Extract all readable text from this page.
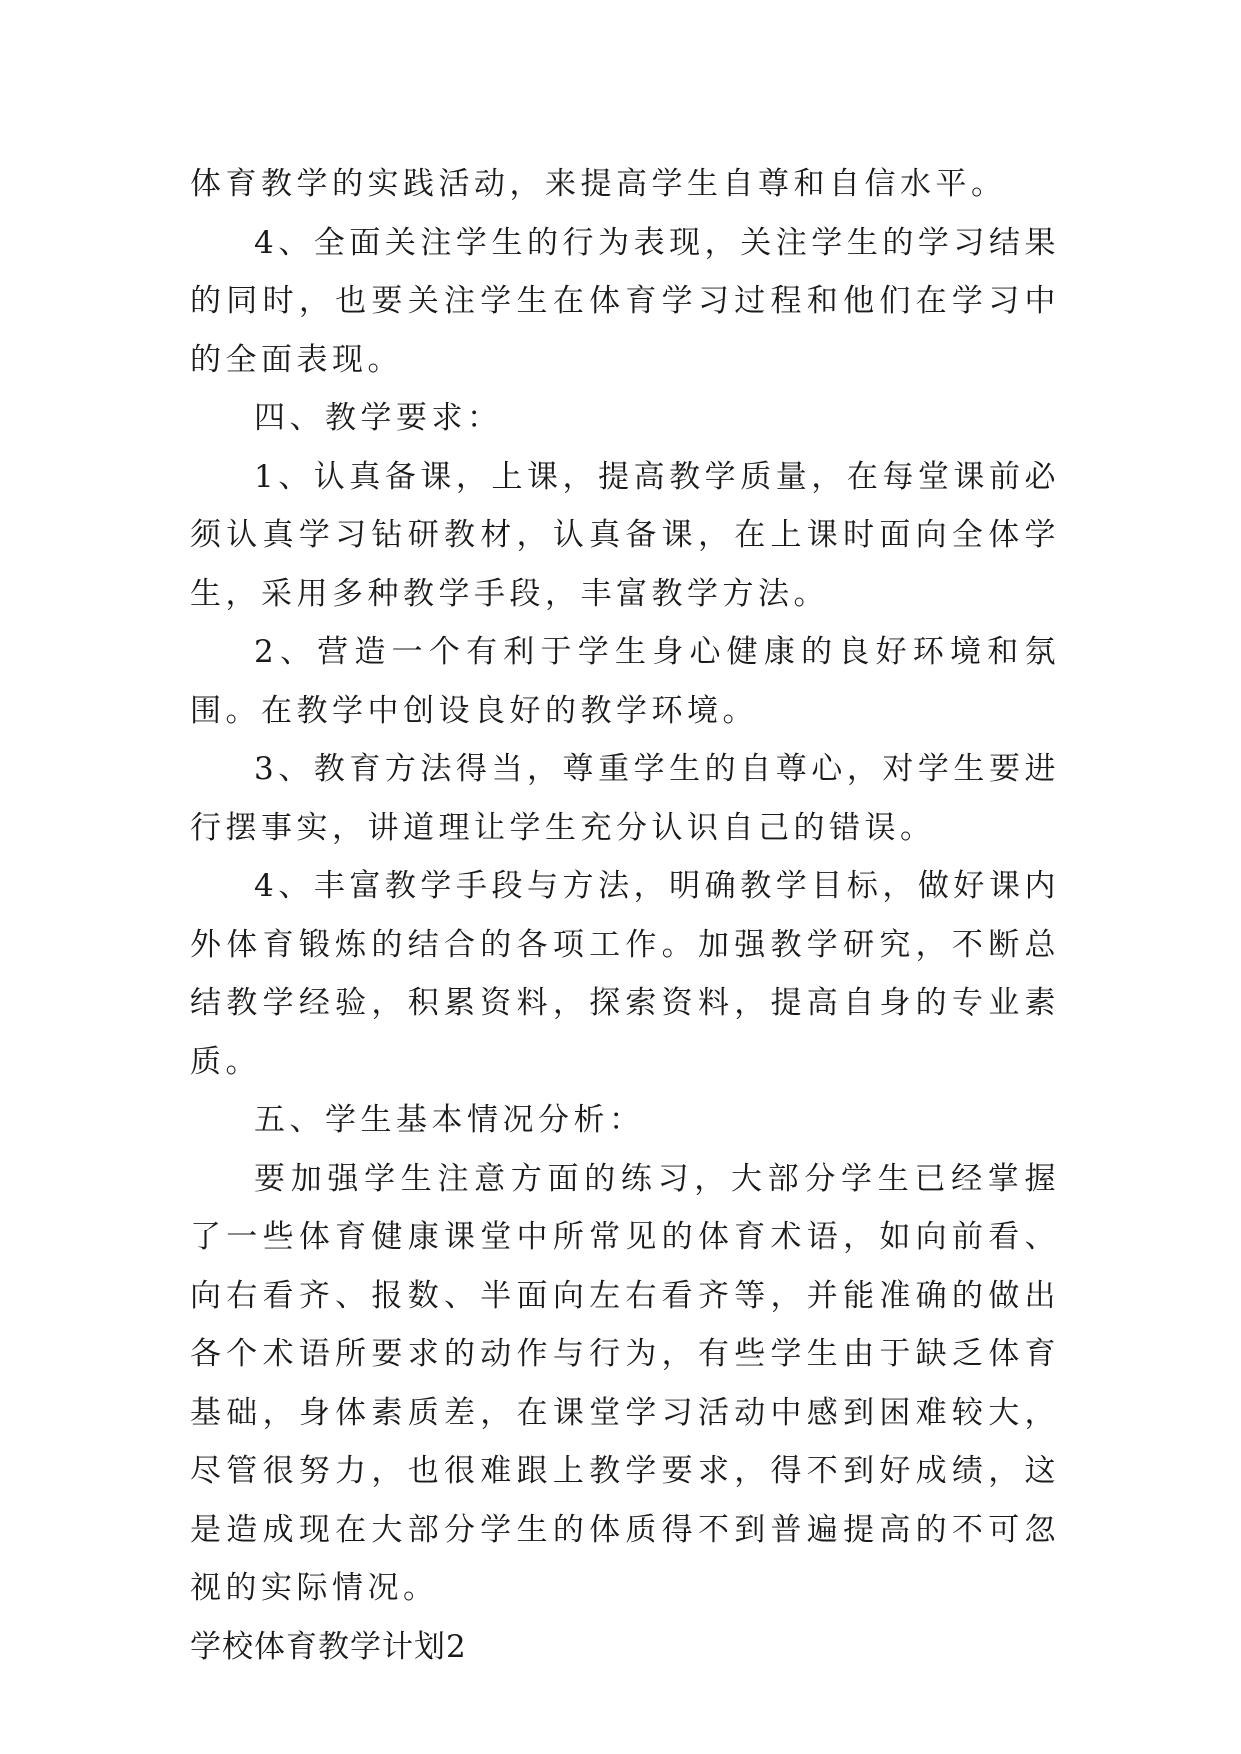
体育教学的实践活动，来提高学生自尊和自信水平。

4、全面关注学生的行为表现，关注学生的学习结果的同时，也要关注学生在体育学习过程和他们在学习中的全面表现。

四、教学要求：

1、认真备课，上课，提高教学质量，在每堂课前必须认真学习钻研教材，认真备课，在上课时面向全体学生，采用多种教学手段，丰富教学方法。

2、营造一个有利于学生身心健康的良好环境和氛围。在教学中创设良好的教学环境。

3、教育方法得当，尊重学生的自尊心，对学生要进行摆事实，讲道理让学生充分认识自己的错误。

4、丰富教学手段与方法，明确教学目标，做好课内外体育锻炼的结合的各项工作。加强教学研究，不断总结教学经验，积累资料，探索资料，提高自身的专业素质。

五、学生基本情况分析：

要加强学生注意方面的练习，大部分学生已经掌握了一些体育健康课堂中所常见的体育术语，如向前看、向右看齐、报数、半面向左右看齐等，并能准确的做出各个术语所要求的动作与行为，有些学生由于缺乏体育基础，身体素质差，在课堂学习活动中感到困难较大，尽管很努力，也很难跟上教学要求，得不到好成绩，这是造成现在大部分学生的体质得不到普遍提高的不可忽视的实际情况。

学校体育教学计划2
